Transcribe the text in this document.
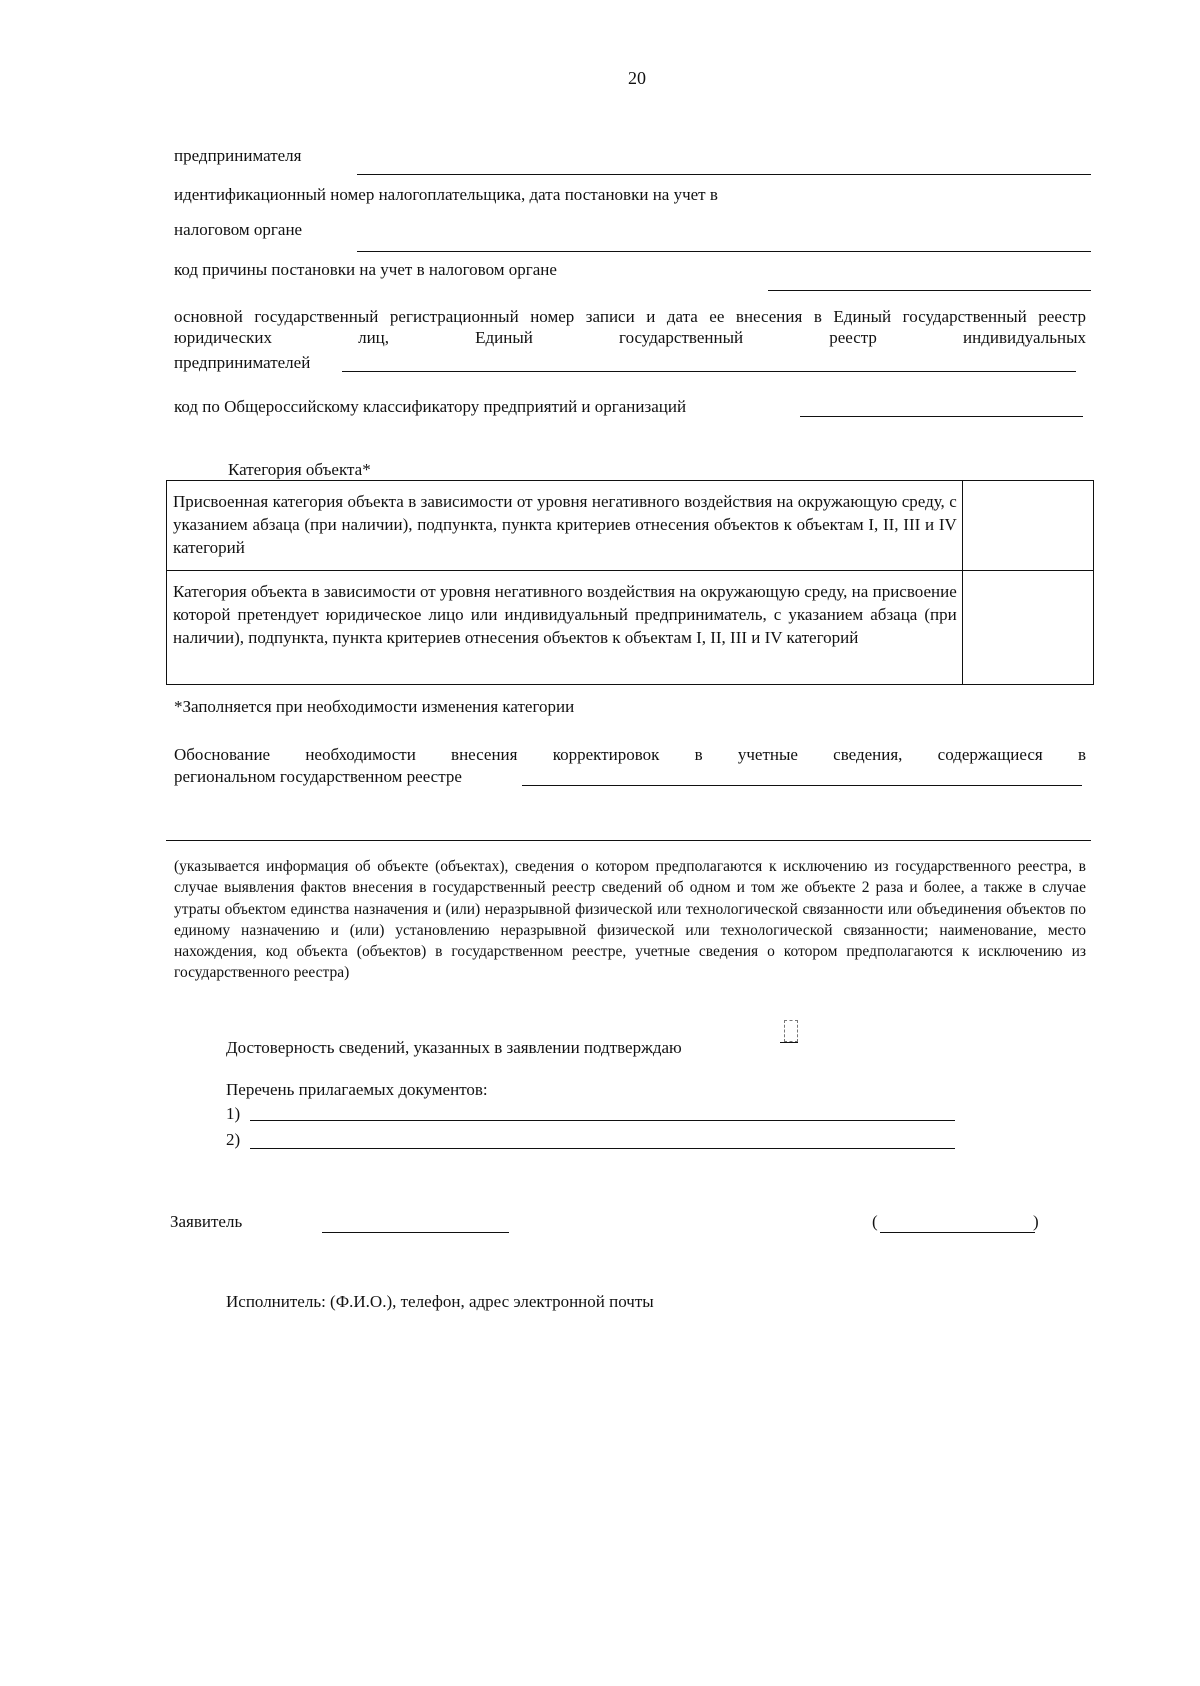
20
предпринимателя
идентификационный номер налогоплательщика, дата постановки на учет в
налоговом органе
код причины постановки на учет в налоговом органе
основной государственный регистрационный номер записи и дата ее внесения в Единый государственный реестр юридических лиц, Единый государственный реестр индивидуальных
предпринимателей
код по Общероссийскому классификатору предприятий и организаций
Категория объекта*
Присвоенная категория объекта в зависимости от уровня негативного воздействия на окружающую среду, с указанием абзаца (при наличии), подпункта, пункта критериев отнесения объектов к объектам I, II, III и IV категорий	
Категория объекта в зависимости от уровня негативного воздействия на окружающую среду, на присвоение которой претендует юридическое лицо или индивидуальный предприниматель, с указанием абзаца (при наличии), подпункта, пункта критериев отнесения объектов к объектам I, II, III и IV категорий	
*Заполняется при необходимости изменения категории
Обоснование необходимости внесения корректировок в учетные сведения, содержащиеся в
региональном государственном реестре
(указывается информация об объекте (объектах), сведения о котором предполагаются к исключению из государственного реестра, в случае выявления фактов внесения в государственный реестр сведений об одном и том же объекте 2 раза и более, а также в случае утраты объектом единства назначения и (или) неразрывной физической или технологической связанности или объединения объектов по единому назначению и (или) установлению неразрывной физической или технологической связанности; наименование, место нахождения, код объекта (объектов) в государственном реестре, учетные сведения о котором предполагаются к исключению из государственного реестра)
Достоверность сведений, указанных в заявлении подтверждаю
Перечень прилагаемых документов:
1)
2)
Заявитель	(	)
Исполнитель: (Ф.И.О.), телефон, адрес электронной почты
